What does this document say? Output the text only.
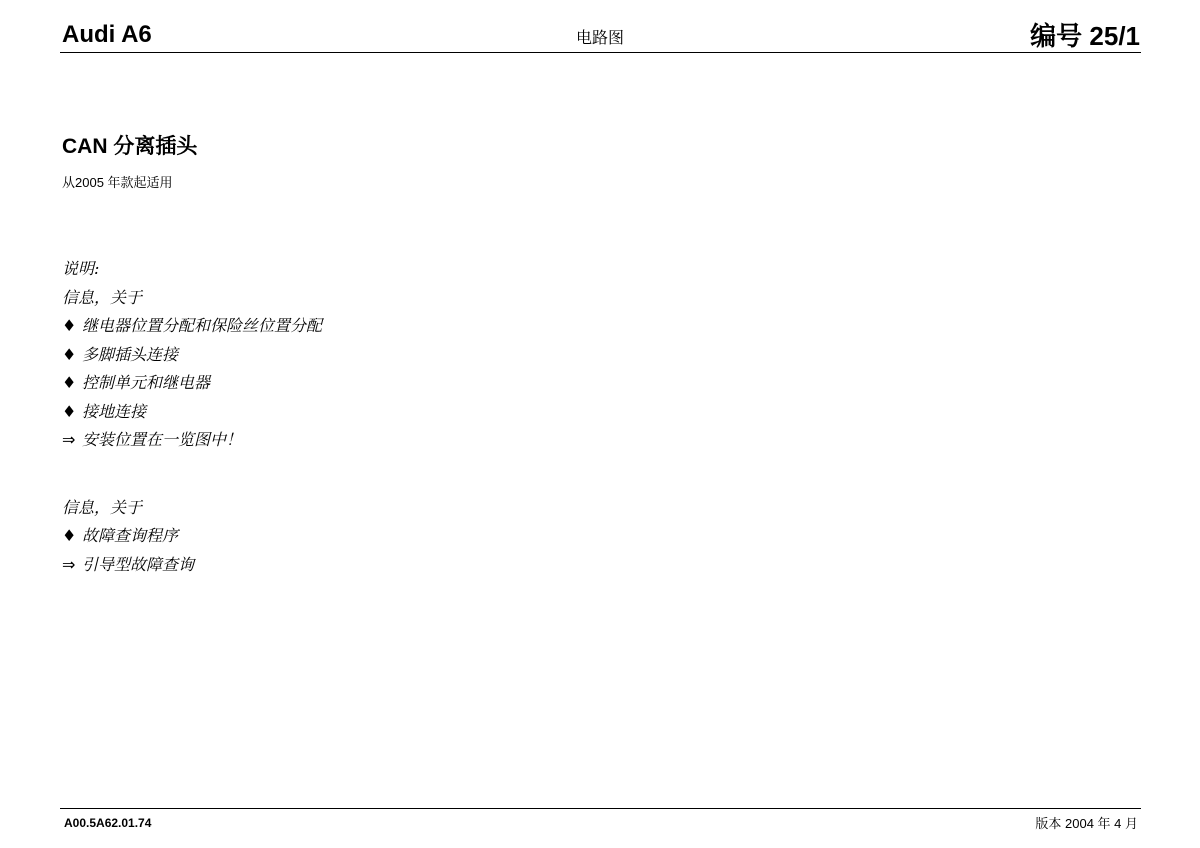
Audi A6	电路图	编号 25/1
CAN 分离插头
从2005 年款起适用
说明:
信息，关于
♦ 继电器位置分配和保险丝位置分配
♦ 多脚插头连接
♦ 控制单元和继电器
♦ 接地连接
⇒ 安装位置在一览图中！
信息，关于
♦ 故障查询程序
⇒ 引导型故障查询
A00.5A62.01.74	版本 2004 年 4 月
